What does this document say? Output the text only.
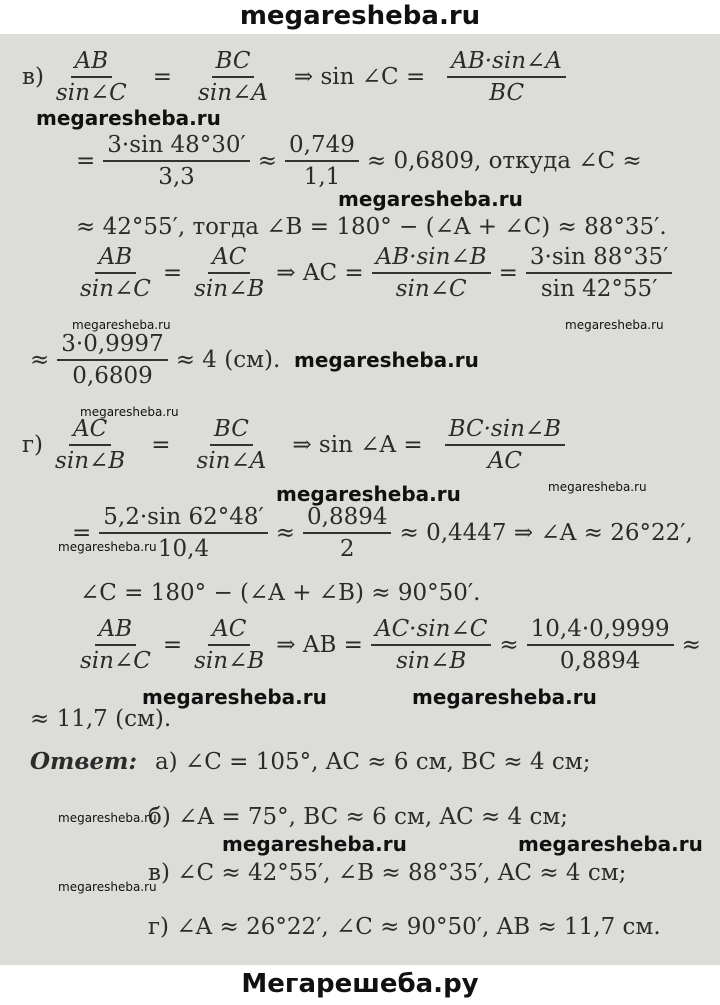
megaresheba.ru
$в) \frac{AB}{\sin\angle C} = \frac{BC}{\sin\angle A}$ ⇒ sin ∠C = $\frac{AB\cdot\sin\angle A}{BC}$
= $\frac{3\cdot\sin 48^\circ 30'}{3,3} \approx \frac{0,749}{1,1} \approx 0,6809$, откуда ∠C ≈
≈ 42°55′, тогда ∠B = 180° − (∠A + ∠C) ≈ 88°35′.
$\frac{AB}{\sin\angle C} = \frac{AC}{\sin\angle B}$ ⇒ AC = $\frac{AB\cdot\sin\angle B}{\sin\angle C} = \frac{3\cdot\sin 88^\circ 35'}{\sin 42^\circ 55'}$
≈ $\frac{3\cdot 0,9997}{0,6809} \approx 4$ (см).
$г) \frac{AC}{\sin\angle B} = \frac{BC}{\sin\angle A}$ ⇒ sin ∠A = $\frac{BC\cdot\sin\angle B}{AC}$
= $\frac{5,2\cdot\sin 62^\circ 48'}{10,4} \approx \frac{0,8894}{2} \approx 0,4447$ ⇒ ∠A ≈ 26°22′,
∠C = 180° − (∠A + ∠B) ≈ 90°50′.
$\frac{AB}{\sin\angle C} = \frac{AC}{\sin\angle B}$ ⇒ AB = $\frac{AC\cdot\sin\angle C}{\sin\angle B} \approx \frac{10,4\cdot 0,9999}{0,8894}$ ≈
≈ 11,7 (см).
Ответ: а) ∠C = 105°, AC ≈ 6 см, BC ≈ 4 см;
б) ∠A = 75°, BC ≈ 6 см, AC ≈ 4 см;
в) ∠C ≈ 42°55′, ∠B ≈ 88°35′, AC ≈ 4 см;
г) ∠A ≈ 26°22′, ∠C ≈ 90°50′, AB ≈ 11,7 см.
megaresheba.ru
megaresheba.ru
megaresheba.ru	megaresheba.ru
megaresheba.ru
megaresheba.ru
megaresheba.ru	megaresheba.ru
megaresheba.ru
megaresheba.ru	megaresheba.ru
megaresheba.ru
megaresheba.ru	megaresheba.ru
megaresheba.ru
Мегарешеба.ру
